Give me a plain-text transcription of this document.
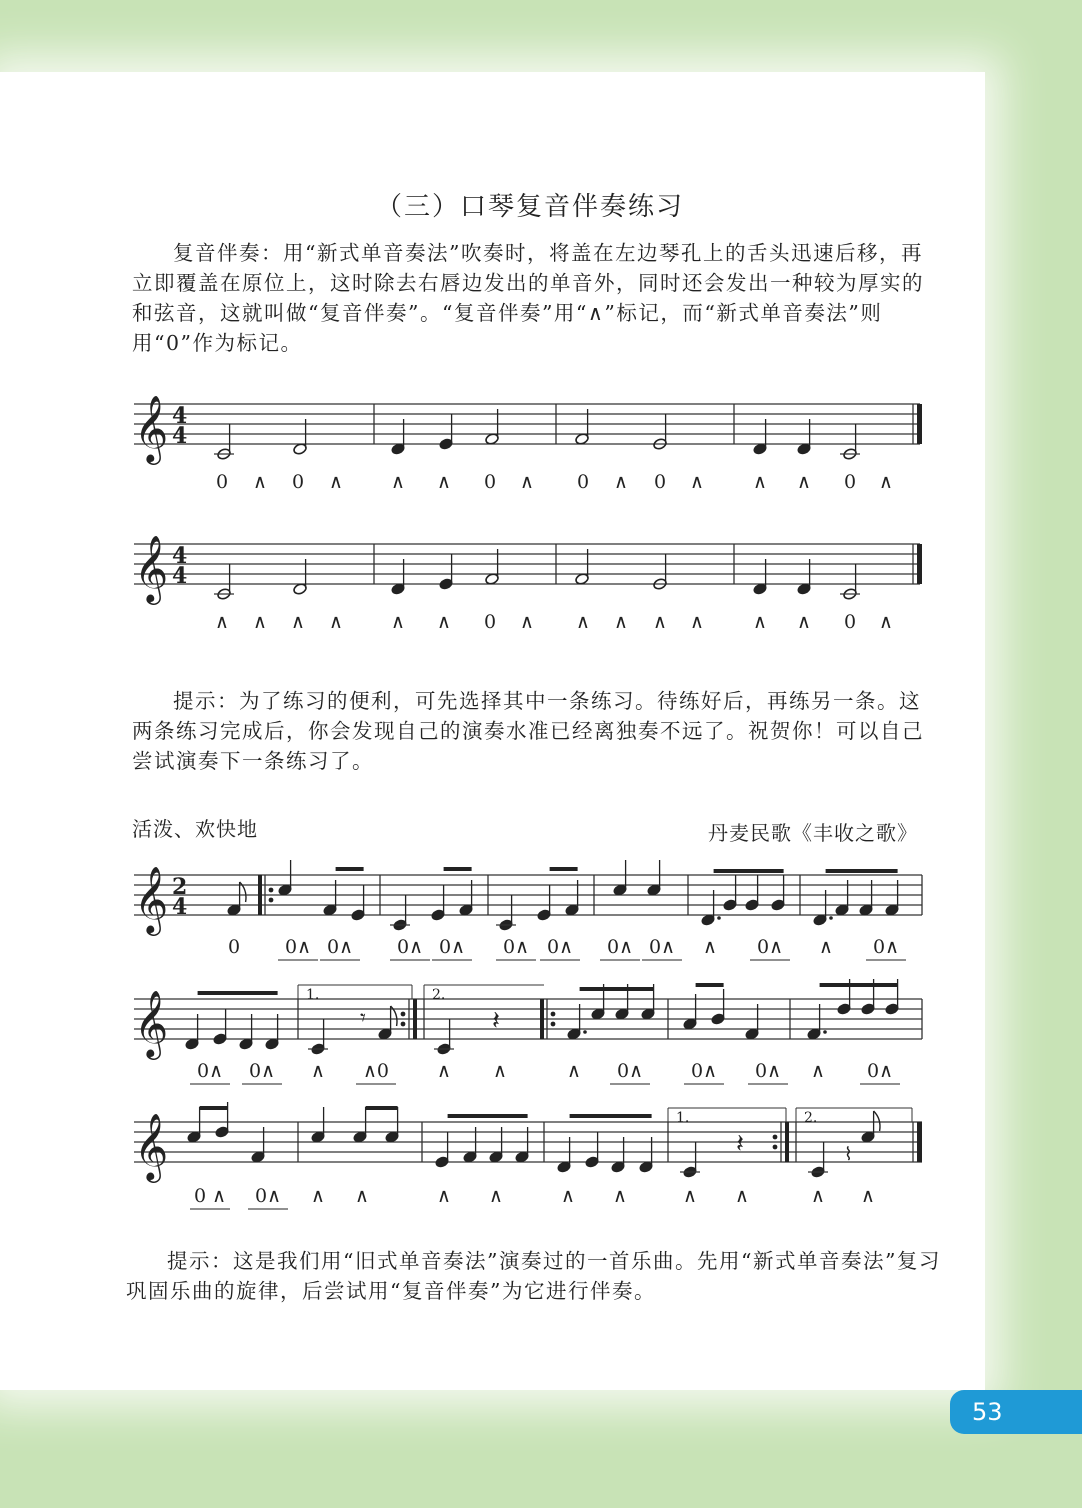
（三）口琴复音伴奏练习
复音伴奏：用“新式单音奏法”吹奏时，将盖在左边琴孔上的舌头迅速后移，再立即覆盖在原位上，这时除去右唇边发出的单音外，同时还会发出一种较为厚实的和弦音，这就叫做“复音伴奏”。“复音伴奏”用“∧”标记，而“新式单音奏法”则用“0”作为标记。
𝄞 4
4
0 ∧ 0 ∧	∧ ∧ 0 ∧ 0 ∧ 0 ∧	∧ ∧ 0 ∧
𝄞 4
4
∧ ∧ ∧ ∧	∧ ∧ 0 ∧ ∧ ∧ ∧ ∧	∧ ∧ 0 ∧
提示：为了练习的便利，可先选择其中一条练习。待练好后，再练另一条。这两条练习完成后，你会发现自己的演奏水准已经离独奏不远了。祝贺你！可以自己尝试演奏下一条练习了。
活泼、欢快地	丹麦民歌《丰收之歌》
𝄞 2
4
0 0∧ 0∧ 0∧ 0∧ 0∧ 0∧ 0∧ 0∧ ∧ 0∧ ∧ 0∧
𝄞	𝄾
1.
𝄽
2.
0∧ 0∧ ∧ ∧0	∧ ∧	∧ 0∧	0∧ 0∧ ∧ 0∧
𝄞	𝄽
1.
⌇
2.
0 ∧ 0∧ ∧ ∧	∧ ∧	∧ ∧	∧ ∧	∧ ∧
提示：这是我们用“旧式单音奏法”演奏过的一首乐曲。先用“新式单音奏法”复习巩固乐曲的旋律，后尝试用“复音伴奏”为它进行伴奏。
53
